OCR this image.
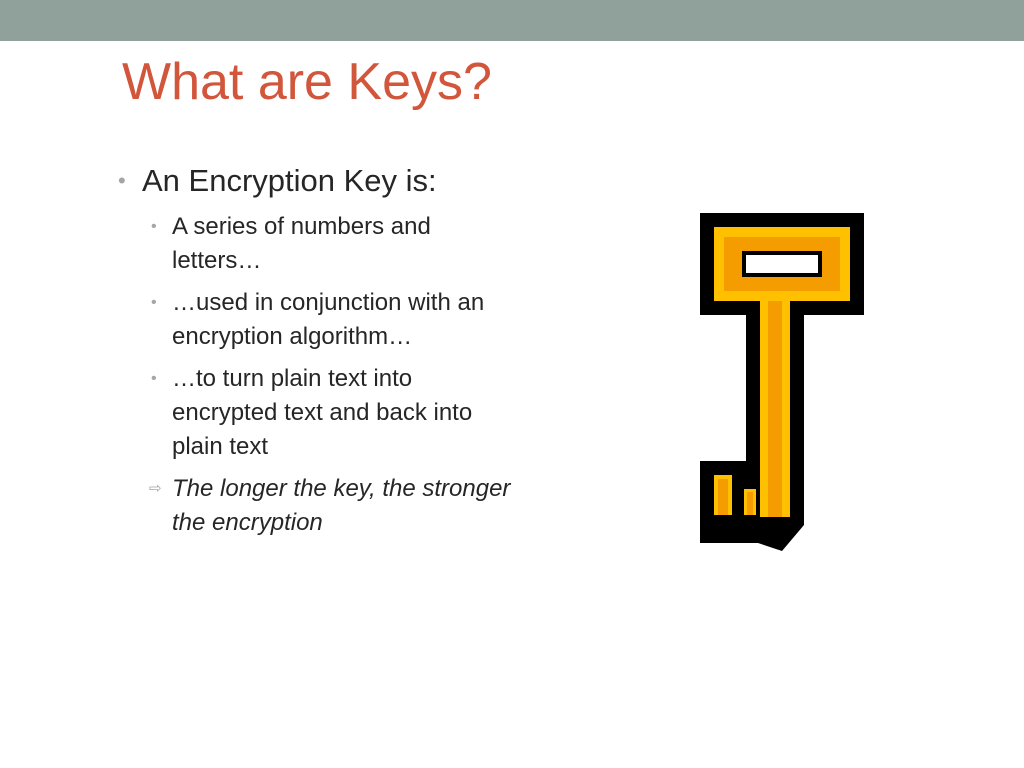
What are Keys?
• An Encryption Key is:
• A series of numbers and letters…
• …used in conjunction with an encryption algorithm…
• …to turn plain text into encrypted text and back into plain text
⇨ The longer the key, the stronger the encryption
